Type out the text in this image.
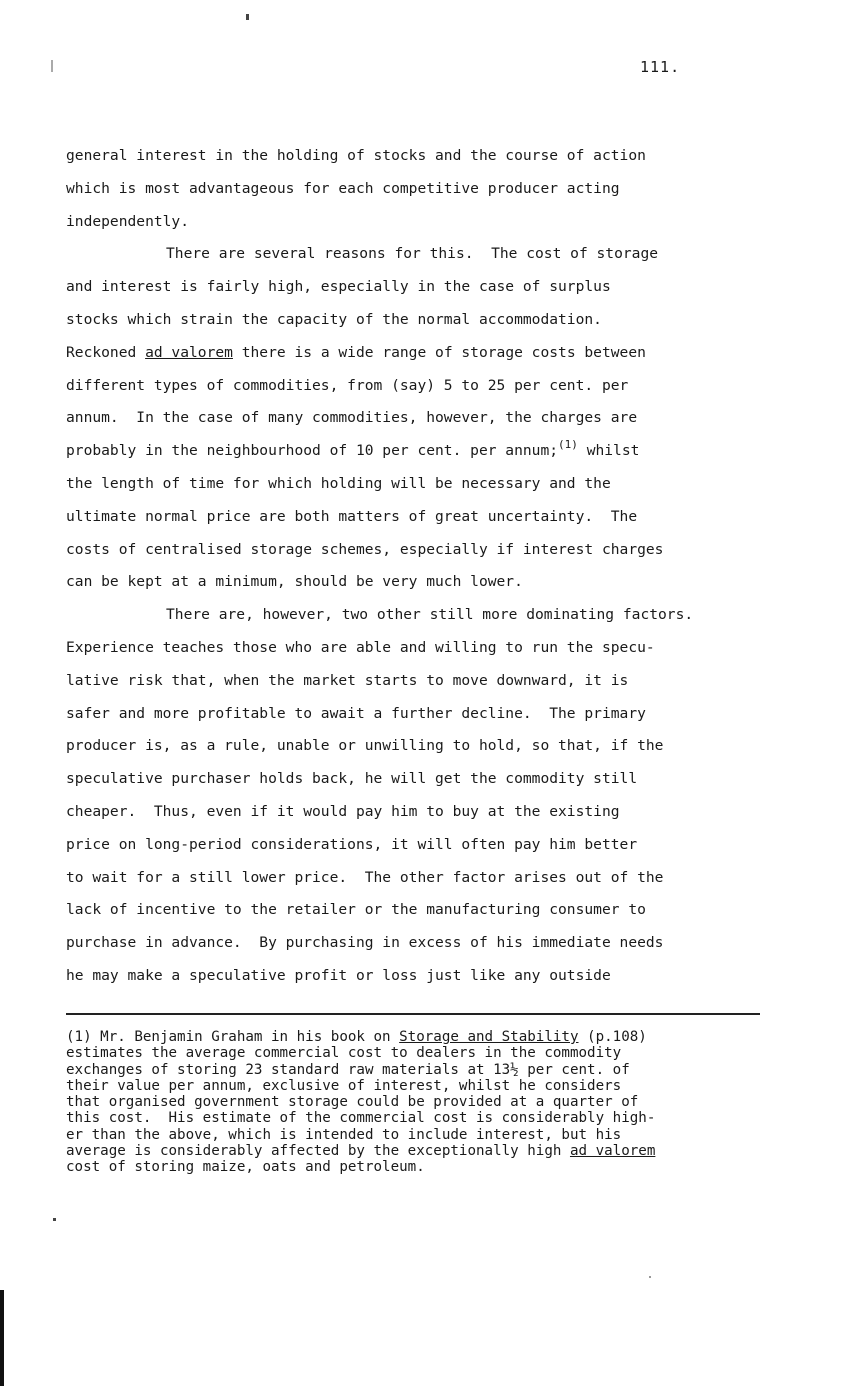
111.
general interest in the holding of stocks and the course of action
which is most advantageous for each competitive producer acting
independently.
There are several reasons for this.  The cost of storage
and interest is fairly high, especially in the case of surplus
stocks which strain the capacity of the normal accommodation.
Reckoned ad valorem there is a wide range of storage costs between
different types of commodities, from (say) 5 to 25 per cent. per
annum.  In the case of many commodities, however, the charges are
probably in the neighbourhood of 10 per cent. per annum;$^{(1)}$ whilst
the length of time for which holding will be necessary and the
ultimate normal price are both matters of great uncertainty.  The
costs of centralised storage schemes, especially if interest charges
can be kept at a minimum, should be very much lower.
There are, however, two other still more dominating factors.
Experience teaches those who are able and willing to run the specu-
lative risk that, when the market starts to move downward, it is
safer and more profitable to await a further decline.  The primary
producer is, as a rule, unable or unwilling to hold, so that, if the
speculative purchaser holds back, he will get the commodity still
cheaper.  Thus, even if it would pay him to buy at the existing
price on long-period considerations, it will often pay him better
to wait for a still lower price.  The other factor arises out of the
lack of incentive to the retailer or the manufacturing consumer to
purchase in advance.  By purchasing in excess of his immediate needs
he may make a speculative profit or loss just like any outside
(1) Mr. Benjamin Graham in his book on Storage and Stability (p.108)
estimates the average commercial cost to dealers in the commodity
exchanges of storing 23 standard raw materials at 13½ per cent. of
their value per annum, exclusive of interest, whilst he considers
that organised government storage could be provided at a quarter of
this cost.  His estimate of the commercial cost is considerably high-
er than the above, which is intended to include interest, but his
average is considerably affected by the exceptionally high ad valorem
cost of storing maize, oats and petroleum.
